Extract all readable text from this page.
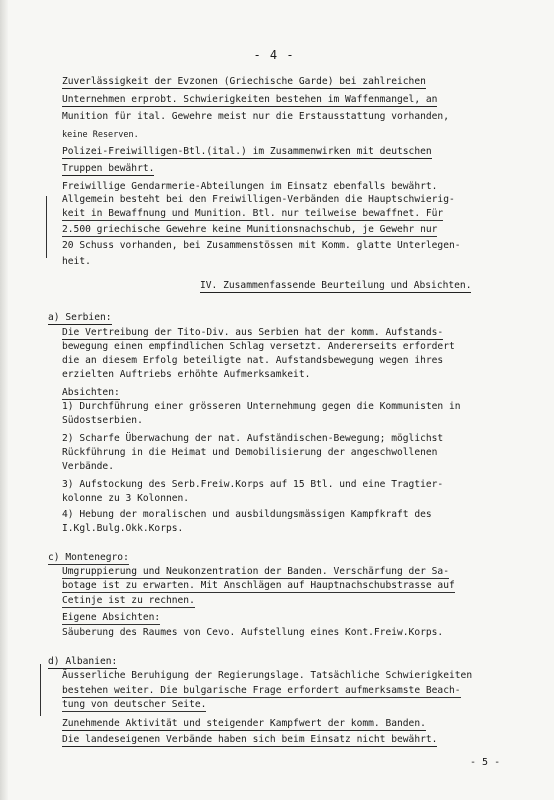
- 4 -
Zuverlässigkeit der Evzonen (Griechische Garde) bei zahlreichen
Unternehmen erprobt. Schwierigkeiten bestehen im Waffenmangel, an
Munition für ital. Gewehre meist nur die Erstausstattung vorhanden,
keine Reserven.
Polizei-Freiwilligen-Btl.(ital.) im Zusammenwirken mit deutschen
Truppen bewährt.
Freiwillige Gendarmerie-Abteilungen im Einsatz ebenfalls bewährt.
Allgemein besteht bei den Freiwilligen-Verbänden die Hauptschwierig-
keit in Bewaffnung und Munition. Btl. nur teilweise bewaffnet. Für
2.500 griechische Gewehre keine Munitionsnachschub, je Gewehr nur
20 Schuss vorhanden, bei Zusammenstössen mit Komm. glatte Unterlegen-
heit.
IV. Zusammenfassende Beurteilung und Absichten.
a) Serbien:
Die Vertreibung der Tito-Div. aus Serbien hat der komm. Aufstands-
bewegung einen empfindlichen Schlag versetzt. Andererseits erfordert
die an diesem Erfolg beteiligte nat. Aufstandsbewegung wegen ihres
erzielten Auftriebs erhöhte Aufmerksamkeit.
Absichten:
1) Durchführung einer grösseren Unternehmung gegen die Kommunisten in
Südostserbien.
2) Scharfe Überwachung der nat. Aufständischen-Bewegung; möglichst
Rückführung in die Heimat und Demobilisierung der angeschwollenen
Verbände.
3) Aufstockung des Serb.Freiw.Korps auf 15 Btl. und eine Tragtier-
kolonne zu 3 Kolonnen.
4) Hebung der moralischen und ausbildungsmässigen Kampfkraft des
I.Kgl.Bulg.Okk.Korps.
c) Montenegro:
Umgruppierung und Neukonzentration der Banden. Verschärfung der Sa-
botage ist zu erwarten. Mit Anschlägen auf Hauptnachschubstrasse auf
Cetinje ist zu rechnen.
Eigene Absichten:
Säuberung des Raumes von Cevo. Aufstellung eines Kont.Freiw.Korps.
d) Albanien:
Äusserliche Beruhigung der Regierungslage. Tatsächliche Schwierigkeiten
bestehen weiter. Die bulgarische Frage erfordert aufmerksamste Beach-
tung von deutscher Seite.
Zunehmende Aktivität und steigender Kampfwert der komm. Banden.
Die landeseigenen Verbände haben sich beim Einsatz nicht bewährt.
- 5 -
